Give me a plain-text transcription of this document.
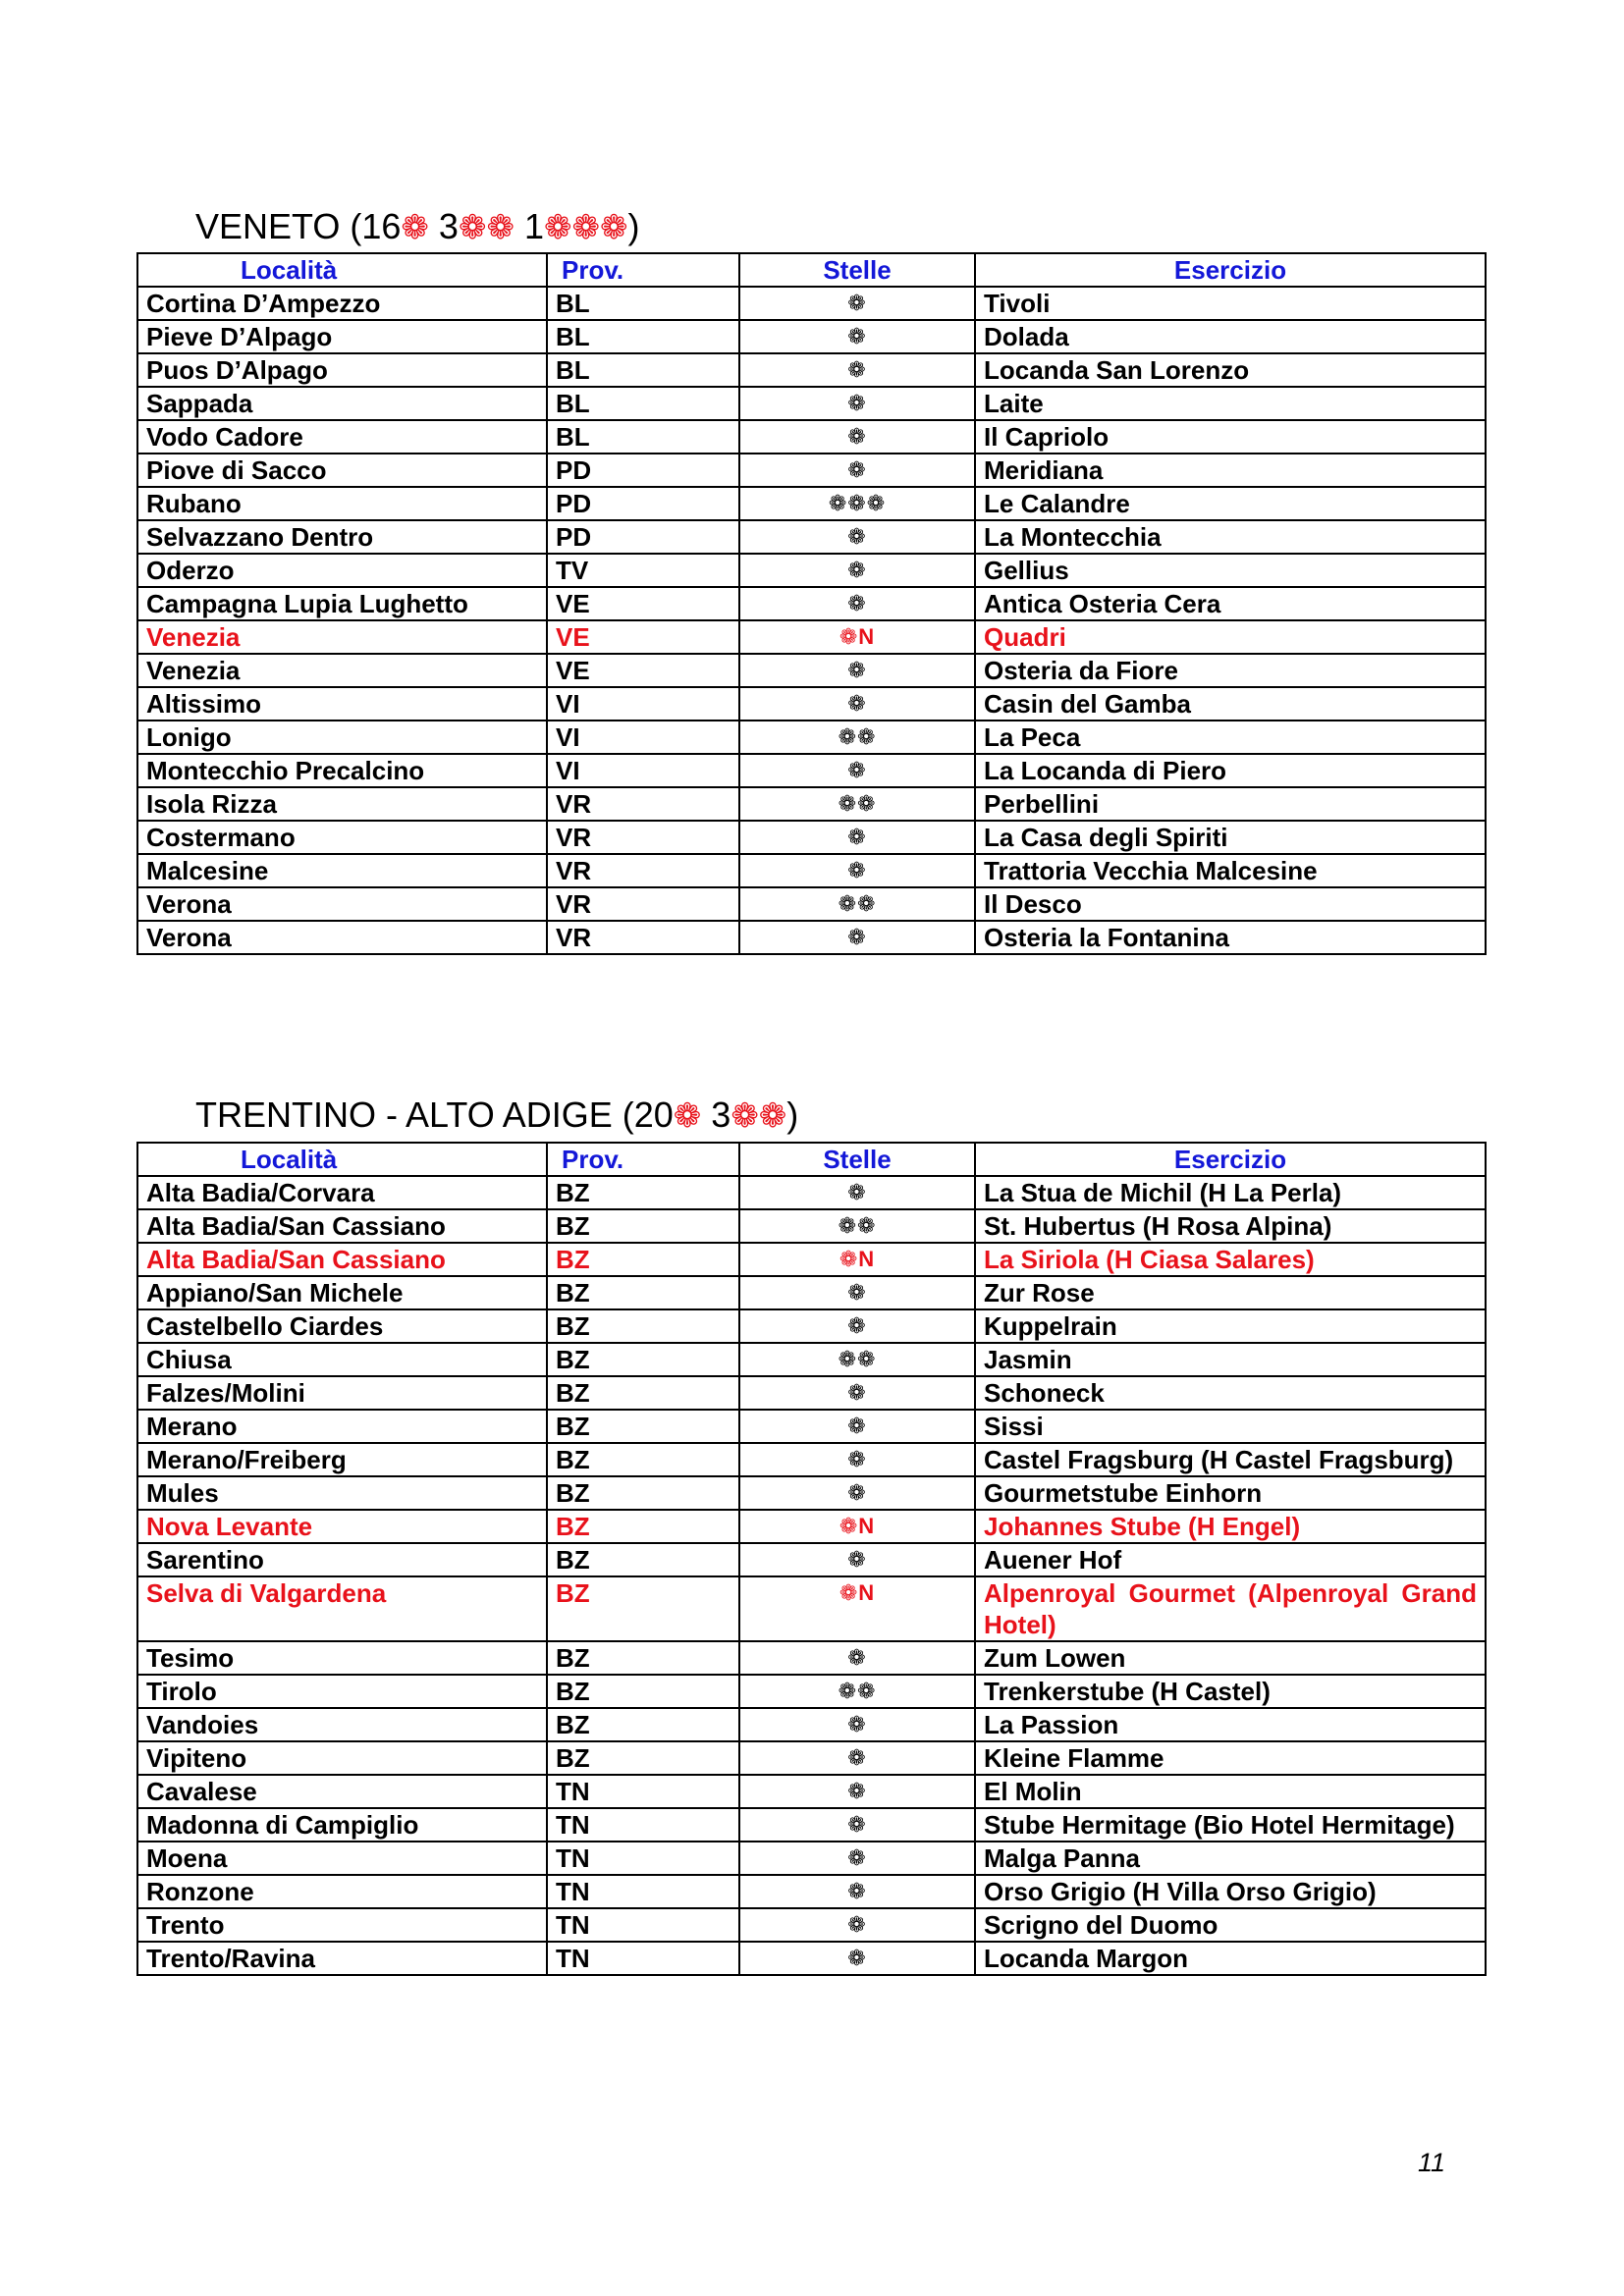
VENETO (16❁ 3❁❁ 1❁❁❁)
Località	Prov.	Stelle	Esercizio
Cortina D’Ampezzo	BL	❁	Tivoli
Pieve D’Alpago	BL	❁	Dolada
Puos D’Alpago	BL	❁	Locanda San Lorenzo
Sappada	BL	❁	Laite
Vodo Cadore	BL	❁	Il Capriolo
Piove di Sacco	PD	❁	Meridiana
Rubano	PD	❁❁❁	Le Calandre
Selvazzano Dentro	PD	❁	La Montecchia
Oderzo	TV	❁	Gellius
Campagna Lupia Lughetto	VE	❁	Antica Osteria Cera
Venezia	VE	❁N	Quadri
Venezia	VE	❁	Osteria da Fiore
Altissimo	VI	❁	Casin del Gamba
Lonigo	VI	❁❁	La Peca
Montecchio Precalcino	VI	❁	La Locanda di Piero
Isola Rizza	VR	❁❁	Perbellini
Costermano	VR	❁	La Casa degli Spiriti
Malcesine	VR	❁	Trattoria Vecchia Malcesine
Verona	VR	❁❁	Il Desco
Verona	VR	❁	Osteria la Fontanina
TRENTINO - ALTO ADIGE (20❁ 3❁❁)
Località	Prov.	Stelle	Esercizio
Alta Badia/Corvara	BZ	❁	La Stua de Michil (H La Perla)
Alta Badia/San Cassiano	BZ	❁❁	St. Hubertus (H Rosa Alpina)
Alta Badia/San Cassiano	BZ	❁N	La Siriola (H Ciasa Salares)
Appiano/San Michele	BZ	❁	Zur Rose
Castelbello Ciardes	BZ	❁	Kuppelrain
Chiusa	BZ	❁❁	Jasmin
Falzes/Molini	BZ	❁	Schoneck
Merano	BZ	❁	Sissi
Merano/Freiberg	BZ	❁	Castel Fragsburg (H Castel Fragsburg)
Mules	BZ	❁	Gourmetstube Einhorn
Nova Levante	BZ	❁N	Johannes Stube (H Engel)
Sarentino	BZ	❁	Auener Hof
Selva di Valgardena	BZ	❁N	Alpenroyal Gourmet (Alpenroyal Grand Hotel)
Tesimo	BZ	❁	Zum Lowen
Tirolo	BZ	❁❁	Trenkerstube (H Castel)
Vandoies	BZ	❁	La Passion
Vipiteno	BZ	❁	Kleine Flamme
Cavalese	TN	❁	El Molin
Madonna di Campiglio	TN	❁	Stube Hermitage (Bio Hotel Hermitage)
Moena	TN	❁	Malga Panna
Ronzone	TN	❁	Orso Grigio (H Villa Orso Grigio)
Trento	TN	❁	Scrigno del Duomo
Trento/Ravina	TN	❁	Locanda Margon
11
